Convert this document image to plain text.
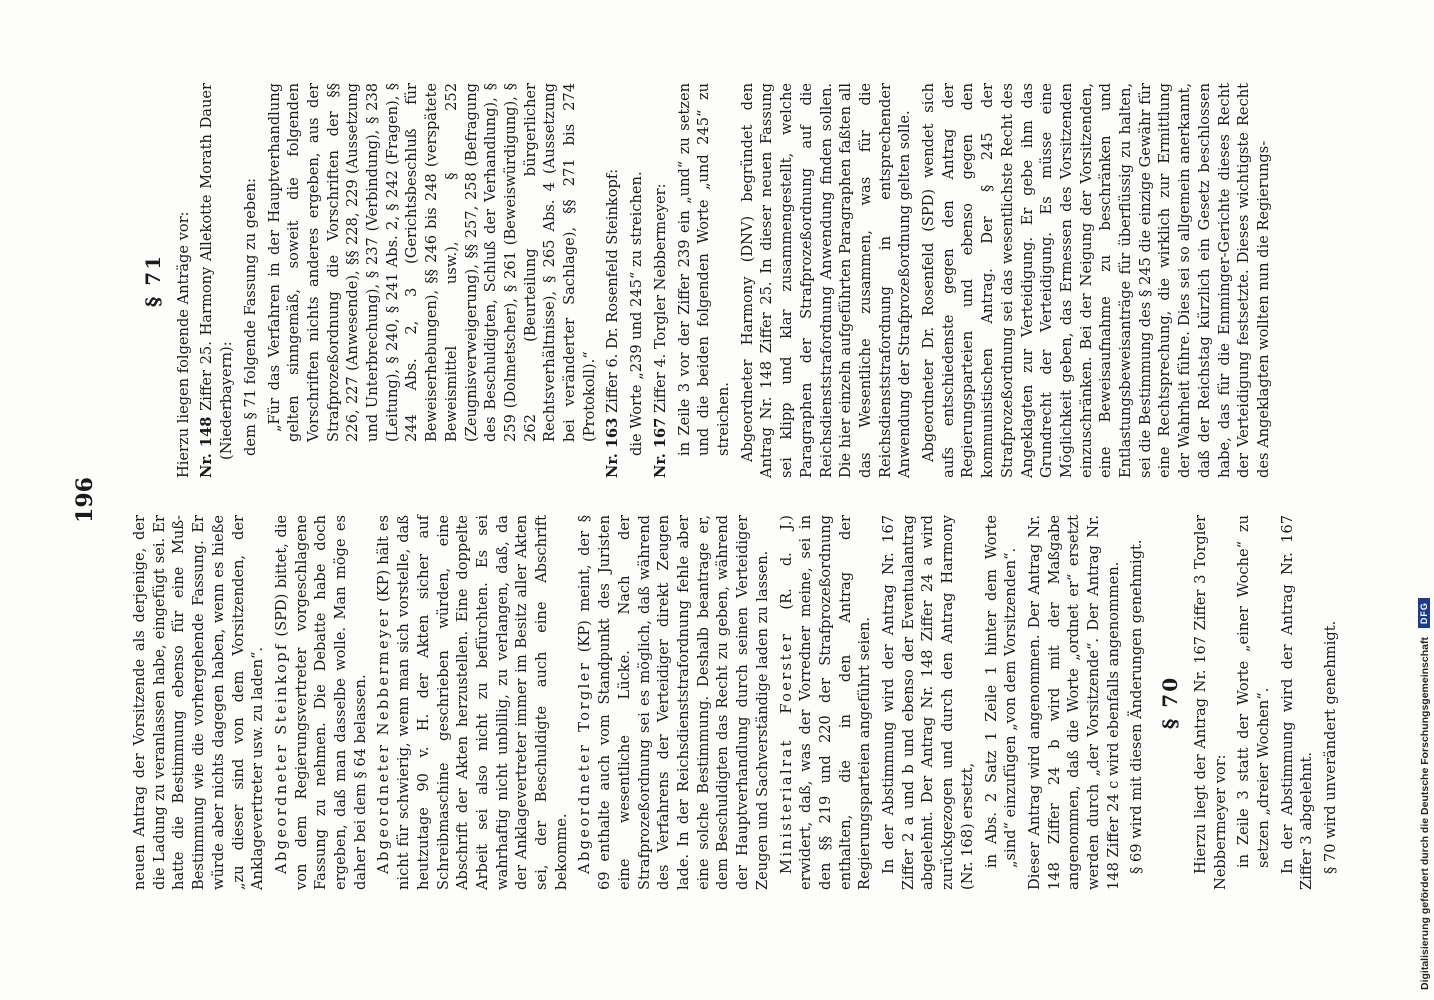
196

neuen Antrag der Vorsitzende als derjenige, der die Ladung zu veranlassen habe, eingefügt sei. Er hatte die Bestimmung ebenso für eine Muß-Bestimmung wie die vorhergehende Fassung. Er würde aber nichts dagegen haben, wenn es hieße „zu dieser sind von dem Vorsitzenden, der Anklagevertreter usw. zu laden“. Abgeordneter Steinkopf (SPD) bittet, die von dem Regierungsvertreter vorgeschlagene Fassung zu nehmen. Die Debatte habe doch ergeben, daß man dasselbe wolle. Man möge es daher bei dem § 64 belassen. Abgeordneter Nebbermeyer (KP) hält es nicht für schwierig, wenn man sich vorstelle, daß heutzutage 90 v. H. der Akten sicher auf Schreibmaschine geschrieben würden, eine Abschrift der Akten herzustellen. Eine doppelte Arbeit sei also nicht zu befürchten. Es sei wahrhaftig nicht unbillig, zu verlangen, daß, da der Anklagevertreter immer im Besitz aller Akten sei, der Beschuldigte auch eine Abschrift bekomme. Abgeordneter Torgler (KP) meint, der § 69 enthalte auch vom Standpunkt des Juristen eine wesentliche Lücke. Nach der Strafprozeßordnung sei es möglich, daß während des Verfahrens der Verteidiger direkt Zeugen lade. In der Reichsdienststrafordnung fehle aber eine solche Bestimmung. Deshalb beantrage er, dem Beschuldigten das Recht zu geben, während der Hauptverhandlung durch seinen Verteidiger Zeugen und Sachverständige laden zu lassen. Ministerialrat Foerster (R. d. J.) erwidert, daß, was der Vorredner meine, sei in den §§ 219 und 220 der Strafprozeßordnung enthalten, die in den Antrag der Regierungsparteien angeführt seien. In der Abstimmung wird der Antrag Nr. 167 Ziffer 2 a und b und ebenso der Eventualantrag abgelehnt. Der Antrag Nr. 148 Ziffer 24 a wird zurückgezogen und durch den Antrag Harmony (Nr. 168) ersetzt, in Abs. 2 Satz 1 Zeile 1 hinter dem Worte „sind“ einzufügen „von dem Vorsitzenden“. Dieser Antrag wird angenommen. Der Antrag Nr. 148 Ziffer 24 b wird mit der Maßgabe angenommen, daß die Worte „ordnet er“ ersetzt werden durch „der Vorsitzende“. Der Antrag Nr. 148 Ziffer 24 c wird ebenfalls angenommen. § 69 wird mit diesen Änderungen genehmigt. § 70 Hierzu liegt der Antrag Nr. 167 Ziffer 3 Torgler Nebbermeyer vor: in Zeile 3 statt der Worte „einer Woche“ zu setzen „dreier Wochen“. In der Abstimmung wird der Antrag Nr. 167 Ziffer 3 abgelehnt. § 70 wird unverändert genehmigt.

§ 71 Hierzu liegen folgende Anträge vor: Nr. 148 Ziffer 25. Harmony Allekotte Morath Dauer (Niederbayern): dem § 71 folgende Fassung zu geben: „Für das Verfahren in der Hauptverhandlung gelten sinngemäß, soweit die folgenden Vorschriften nichts anderes ergeben, aus der Strafprozeßordnung die Vorschriften der §§ 226, 227 (Anwesende), §§ 228, 229 (Aussetzung und Unterbrechung), § 237 (Verbindung), § 238 (Leitung), § 240, § 241 Abs. 2, § 242 (Fragen), § 244 Abs. 2, 3 (Gerichtsbeschluß für Beweiserhebungen), §§ 246 bis 248 (verspätete Beweismittel usw.), § 252 (Zeugnisverweigerung), §§ 257, 258 (Befragung des Beschuldigten, Schluß der Verhandlung), § 259 (Dolmetscher), § 261 (Beweiswürdigung), § 262 (Beurteilung bürgerlicher Rechtsverhältnisse), § 265 Abs. 4 (Aussetzung bei veränderter Sachlage), §§ 271 bis 274 (Protokoll).“

Nr. 163 Ziffer 6. Dr. Rosenfeld Steinkopf: die Worte „239 und 245“ zu streichen. Nr. 167 Ziffer 4. Torgler Nebbermeyer: in Zeile 3 vor der Ziffer 239 ein „und“ zu setzen und die beiden folgenden Worte „und 245“ zu streichen. Abgeordneter Harmony (DNV) begründet den Antrag Nr. 148 Ziffer 25. In dieser neuen Fassung sei klipp und klar zusammengestellt, welche Paragraphen der Strafprozeßordnung auf die Reichsdienststrafordnung Anwendung finden sollen. Die hier einzeln aufgeführten Paragraphen faßten all das Wesentliche zusammen, was für die Reichsdienststrafordnung in entsprechender Anwendung der Strafprozeßordnung gelten solle. Abgeordneter Dr. Rosenfeld (SPD) wendet sich aufs entschiedenste gegen den Antrag der Regierungsparteien und ebenso gegen den kommunistischen Antrag. Der § 245 der Strafprozeßordnung sei das wesentlichste Recht des Angeklagten zur Verteidigung. Er gebe ihm das Grundrecht der Verteidigung. Es müsse eine Möglichkeit geben, das Ermessen des Vorsitzenden einzuschränken. Bei der Neigung der Vorsitzenden, eine Beweisaufnahme zu beschränken und Entlastungsbeweisanträge für überflüssig zu halten, sei die Bestimmung des § 245 die einzige Gewähr für eine Rechtsprechung, die wirklich zur Ermittlung der Wahrheit führe. Dies sei so allgemein anerkannt, daß der Reichstag kürzlich ein Gesetz beschlossen habe, das für die Emminger-Gerichte dieses Recht der Verteidigung festsetzte. Dieses wichtigste Recht des Angeklagten wollten nun die Regierungs-

Digitalisierung gefördert durch die Deutsche Forschungsgemeinschaft DFG
